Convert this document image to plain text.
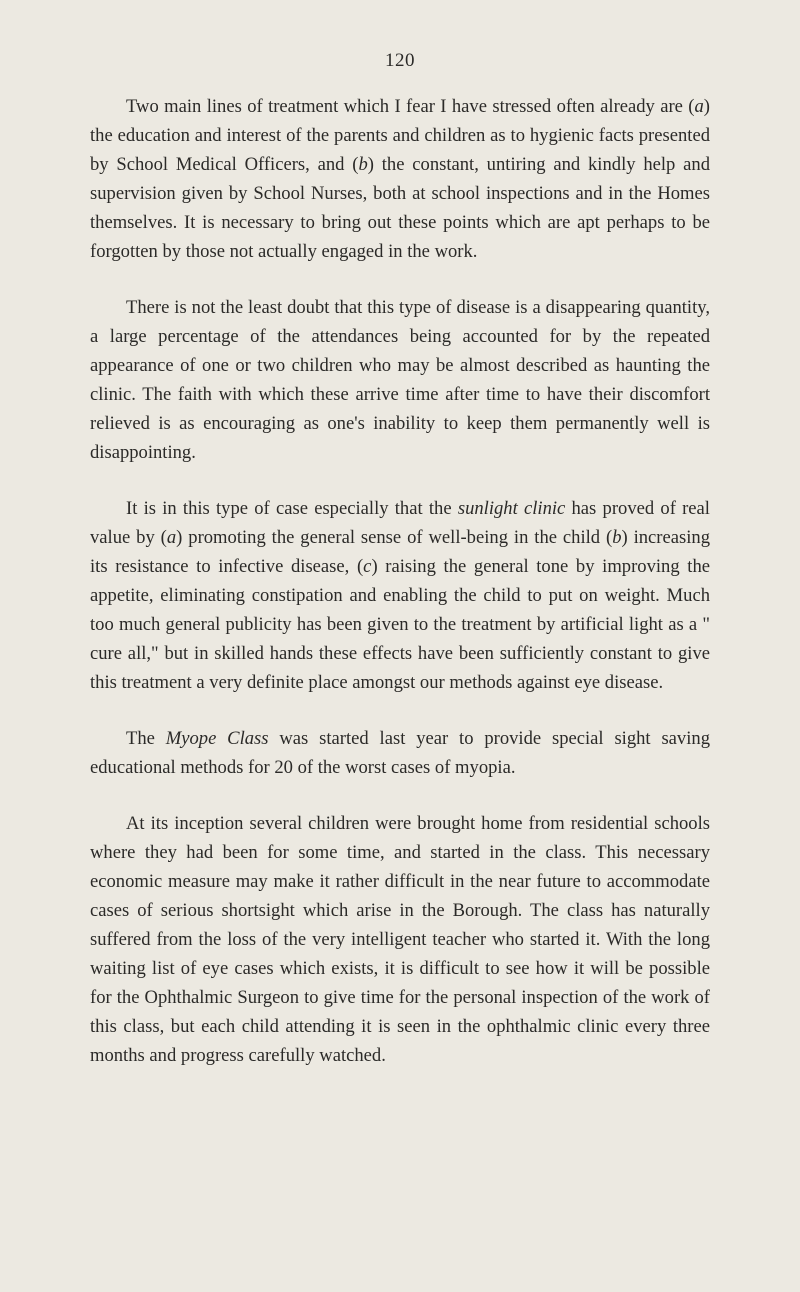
120

Two main lines of treatment which I fear I have stressed often already are (a) the education and interest of the parents and children as to hygienic facts presented by School Medical Officers, and (b) the constant, untiring and kindly help and supervision given by School Nurses, both at school inspections and in the Homes themselves. It is necessary to bring out these points which are apt perhaps to be forgotten by those not actually engaged in the work.

There is not the least doubt that this type of disease is a disappearing quantity, a large percentage of the attendances being accounted for by the repeated appearance of one or two children who may be almost described as haunting the clinic. The faith with which these arrive time after time to have their discomfort relieved is as encouraging as one's inability to keep them permanently well is disappointing.

It is in this type of case especially that the sunlight clinic has proved of real value by (a) promoting the general sense of well-being in the child (b) increasing its resistance to infective disease, (c) raising the general tone by improving the appetite, eliminating constipation and enabling the child to put on weight. Much too much general publicity has been given to the treatment by artificial light as a " cure all," but in skilled hands these effects have been sufficiently constant to give this treatment a very definite place amongst our methods against eye disease.

The Myope Class was started last year to provide special sight saving educational methods for 20 of the worst cases of myopia.

At its inception several children were brought home from residential schools where they had been for some time, and started in the class. This necessary economic measure may make it rather difficult in the near future to accommodate cases of serious shortsight which arise in the Borough. The class has naturally suffered from the loss of the very intelligent teacher who started it. With the long waiting list of eye cases which exists, it is difficult to see how it will be possible for the Ophthalmic Surgeon to give time for the personal inspection of the work of this class, but each child attending it is seen in the ophthalmic clinic every three months and progress carefully watched.
